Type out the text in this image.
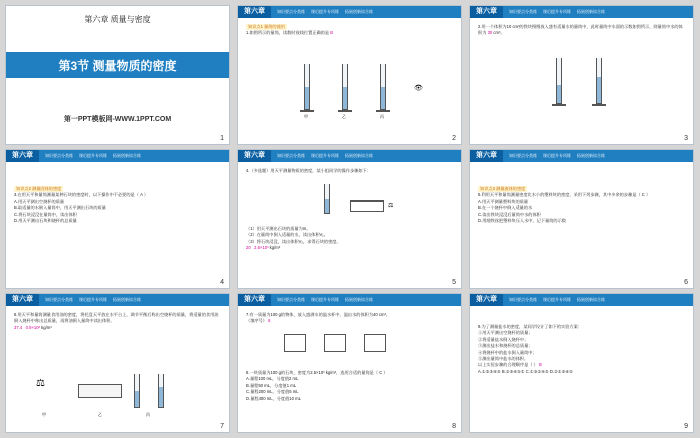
第六章 质量与密度
第3节 测量物质的密度
第一PPT模板网-WWW.1PPT.COM
1
第六章	知识要点分类练 课后提升专项练 拓展创新综合练
知识点1 量筒的使用
1.如图所示的量筒，读数时视线位置正确的是 B
👁
甲	乙	丙
2
第六章	知识要点分类练 课后提升专项练 拓展创新综合练
2.用一个体积为10 cm³的铁块慢慢放入盛有适量水的量筒中，此时量筒中水面的示数如图所示，则量筒中水的体积为 30 cm³。
3
第六章	知识要点分类练 课后提升专项练 拓展创新综合练
知识点2 测量固体的密度
3.在用天平和量筒测量某种石块的密度时，以下操作中不必要的是（ A ）
A.用天平测出空烧杯的质量
B.取适量的水倒入量筒中，用天平测出石块的质量
C.将石块浸没在量筒中，读出体积
D.用天平测出石块和烧杯的总质量
4
第六章	知识要点分类练 课后提升专项练 拓展创新综合练
4.（多选题）用天平测量物质的密度，某小组同学的操作步骤如下：
⚖
（1）用天平测出石块的质量为m。
（2）在量筒中倒入适量的水，读出体积V₁。
（3）将石块浸没，读出体积V₂，求得石块的密度。
20 2.6×10³ kg/m³
5
第六章	知识要点分类练 课后提升专项练 拓展创新综合练
知识点3 测量液体的密度
5.利用天平和量筒测量密度比水小的塑料块的密度，采用下列步骤，其中多余的步骤是（ C ）
A.用天平测量塑料块的质量
B.在一个烧杯中倒入适量的水
C.读出铁块浸没后量筒中水的体积
D.用细铁丝把塑料块压入水中，记下量筒的示数
6
第六章	知识要点分类练 课后提升专项练 拓展创新综合练
6.用天平和量筒测量食用油的密度，将托盘天平放在水平台上，调节平衡后称出空烧杯的质量，将适量的食用油倒入烧杯中称出总质量，再将油倒入量筒中读出体积。
37.4 0.9×10³ kg/m³
⚖
甲	乙	丙
7
第六章	知识要点分类练 课后提升专项练 拓展创新综合练
7.有一质量为100 g的物体，放入盛满水的溢水杯中，溢出水的体积为40 cm³。
（填序号） 8
8.一块质量为100 g的石块，密度为2.5×10³ kg/m³，选用合适的量筒是（ C ）
A.量程100 mL，分度值2 mL
B.量程50 mL，分度值1 mL
C.量程200 mL，分度值5 mL
D.量程400 mL，分度值10 mL
8
第六章	知识要点分类练 课后提升专项练 拓展创新综合练
9.为了测量盐水的密度，某同学设计了如下的实验方案：
①用天平测出空烧杯的质量；
②将适量盐水倒入烧杯中；
③测出盐水和烧杯的总质量；
④将烧杯中的盐水倒入量筒中；
⑤测出量筒中盐水的体积。
以上实验步骤的合理顺序是（ ） B
A.①②③④⑤ B.②③④⑤① C.①③②④⑤ D.②①③④⑤
9
